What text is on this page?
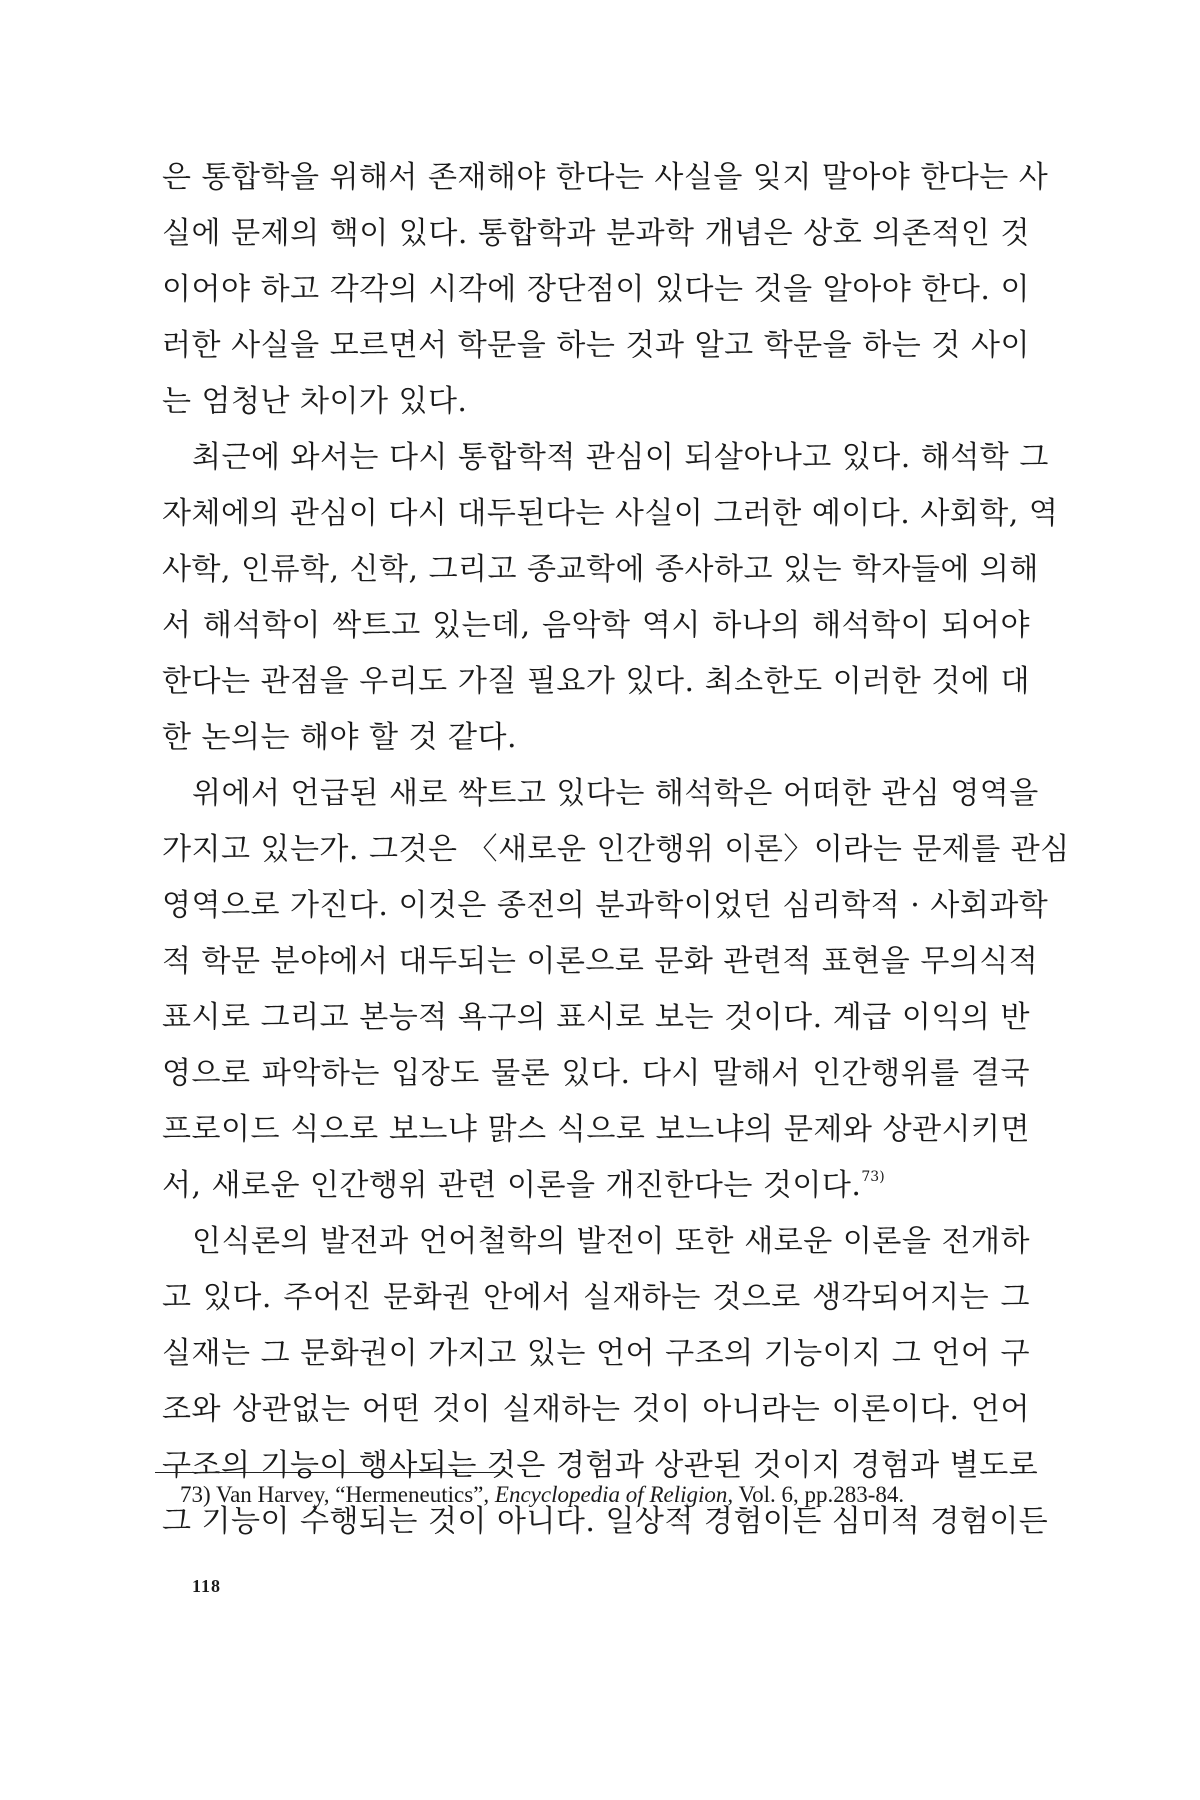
은 통합학을 위해서 존재해야 한다는 사실을 잊지 말아야 한다는 사
실에 문제의 핵이 있다. 통합학과 분과학 개념은 상호 의존적인 것
이어야 하고 각각의 시각에 장단점이 있다는 것을 알아야 한다. 이
러한 사실을 모르면서 학문을 하는 것과 알고 학문을 하는 것 사이
는 엄청난 차이가 있다.
최근에 와서는 다시 통합학적 관심이 되살아나고 있다. 해석학 그
자체에의 관심이 다시 대두된다는 사실이 그러한 예이다. 사회학, 역
사학, 인류학, 신학, 그리고 종교학에 종사하고 있는 학자들에 의해
서 해석학이 싹트고 있는데, 음악학 역시 하나의 해석학이 되어야
한다는 관점을 우리도 가질 필요가 있다. 최소한도 이러한 것에 대
한 논의는 해야 할 것 같다.
위에서 언급된 새로 싹트고 있다는 해석학은 어떠한 관심 영역을
가지고 있는가. 그것은 〈새로운 인간행위 이론〉이라는 문제를 관심
영역으로 가진다. 이것은 종전의 분과학이었던 심리학적 · 사회과학
적 학문 분야에서 대두되는 이론으로 문화 관련적 표현을 무의식적
표시로 그리고 본능적 욕구의 표시로 보는 것이다. 계급 이익의 반
영으로 파악하는 입장도 물론 있다. 다시 말해서 인간행위를 결국
프로이드 식으로 보느냐 맑스 식으로 보느냐의 문제와 상관시키면
서, 새로운 인간행위 관련 이론을 개진한다는 것이다.$^{73)}$
인식론의 발전과 언어철학의 발전이 또한 새로운 이론을 전개하
고 있다. 주어진 문화권 안에서 실재하는 것으로 생각되어지는 그
실재는 그 문화권이 가지고 있는 언어 구조의 기능이지 그 언어 구
조와 상관없는 어떤 것이 실재하는 것이 아니라는 이론이다. 언어
구조의 기능이 행사되는 것은 경험과 상관된 것이지 경험과 별도로
그 기능이 수행되는 것이 아니다. 일상적 경험이든 심미적 경험이든
73) Van Harvey, “Hermeneutics”, Encyclopedia of Religion, Vol. 6, pp.283-84.
118
